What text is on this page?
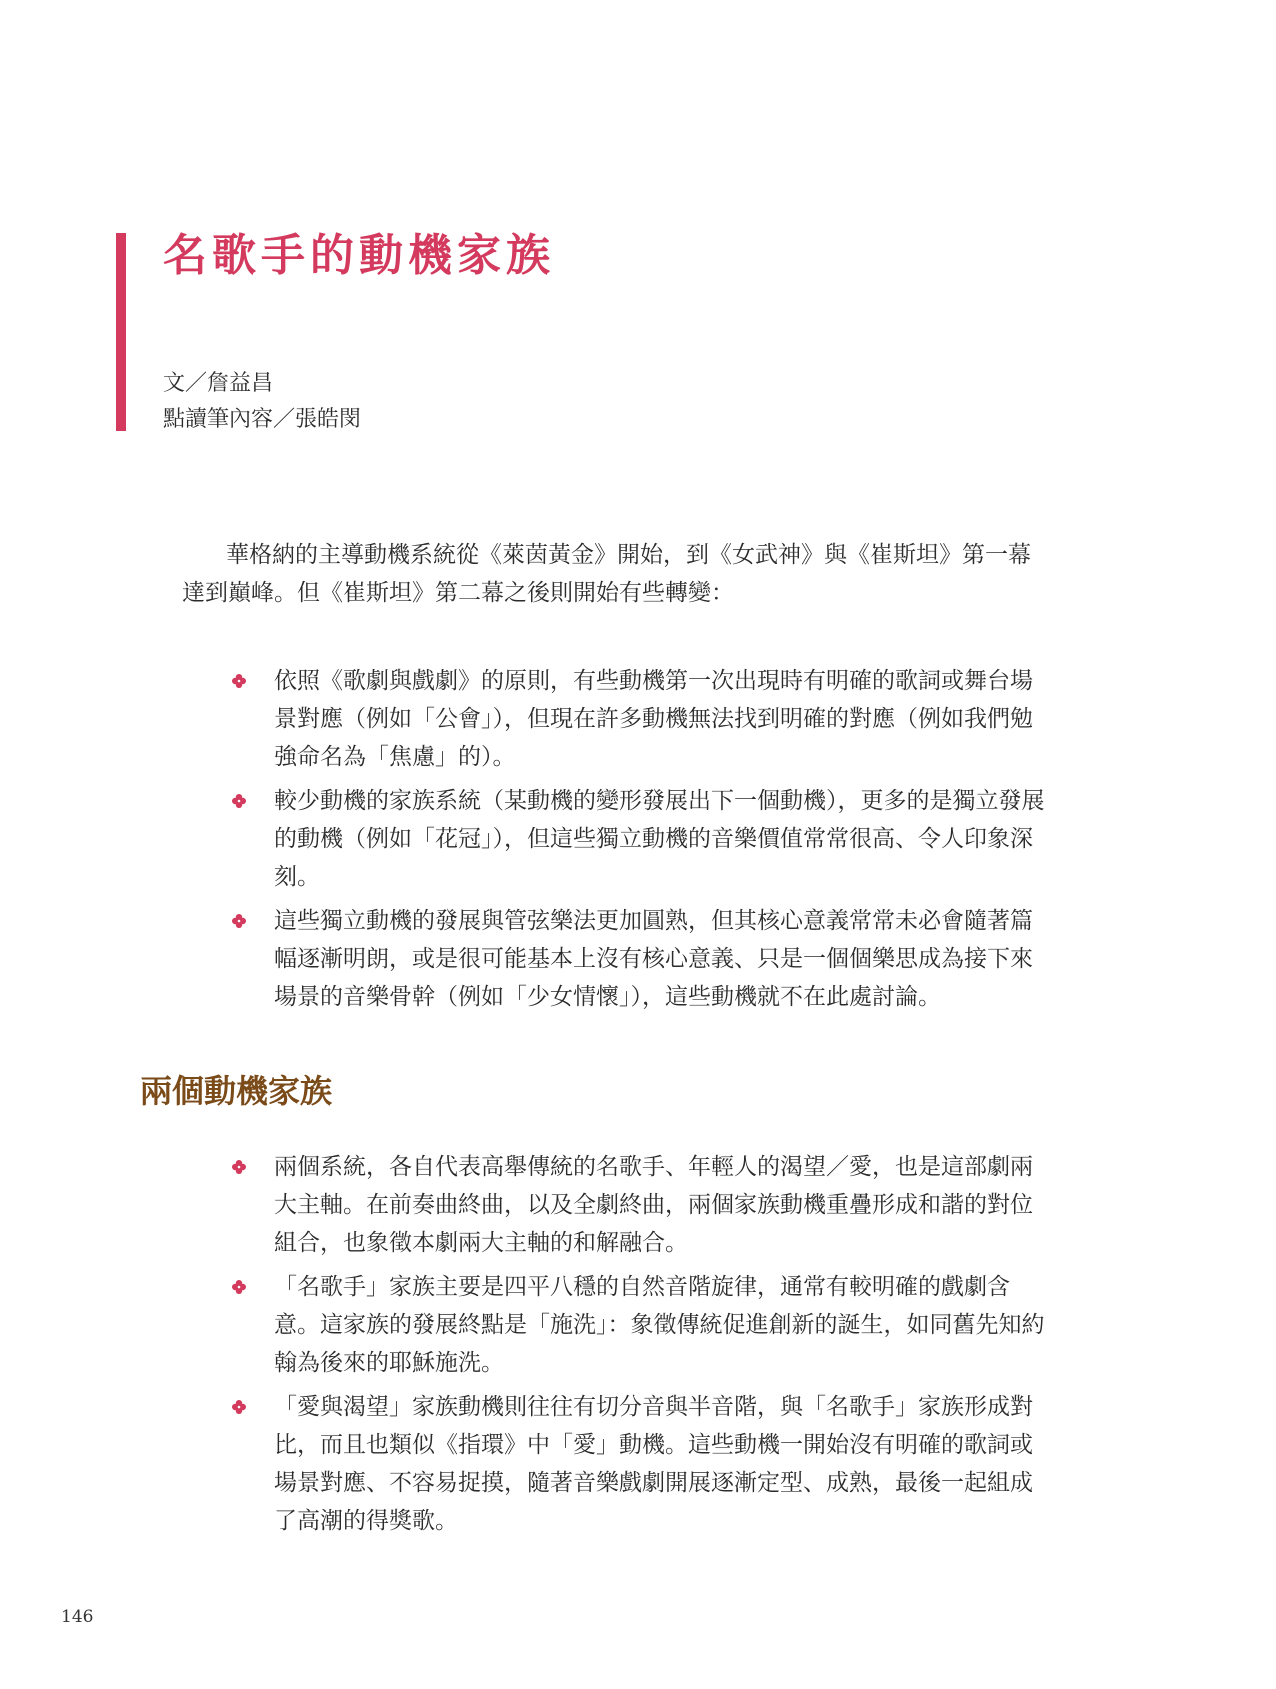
名歌手的動機家族
文／詹益昌
點讀筆內容／張皓閔

華格納的主導動機系統從《萊茵黃金》開始，到《女武神》與《崔斯坦》第一幕達到巔峰。但《崔斯坦》第二幕之後則開始有些轉變：

依照《歌劇與戲劇》的原則，有些動機第一次出現時有明確的歌詞或舞台場景對應（例如「公會」），但現在許多動機無法找到明確的對應（例如我們勉強命名為「焦慮」的）。
較少動機的家族系統（某動機的變形發展出下一個動機），更多的是獨立發展的動機（例如「花冠」），但這些獨立動機的音樂價值常常很高、令人印象深刻。
這些獨立動機的發展與管弦樂法更加圓熟，但其核心意義常常未必會隨著篇幅逐漸明朗，或是很可能基本上沒有核心意義、只是一個個樂思成為接下來場景的音樂骨幹（例如「少女情懷」），這些動機就不在此處討論。
兩個動機家族
兩個系統，各自代表高舉傳統的名歌手、年輕人的渴望／愛，也是這部劇兩大主軸。在前奏曲終曲，以及全劇終曲，兩個家族動機重疊形成和諧的對位組合，也象徵本劇兩大主軸的和解融合。
「名歌手」家族主要是四平八穩的自然音階旋律，通常有較明確的戲劇含意。這家族的發展終點是「施洗」：象徵傳統促進創新的誕生，如同舊先知約翰為後來的耶穌施洗。
「愛與渴望」家族動機則往往有切分音與半音階，與「名歌手」家族形成對比，而且也類似《指環》中「愛」動機。這些動機一開始沒有明確的歌詞或場景對應、不容易捉摸，隨著音樂戲劇開展逐漸定型、成熟，最後一起組成了高潮的得獎歌。
146
